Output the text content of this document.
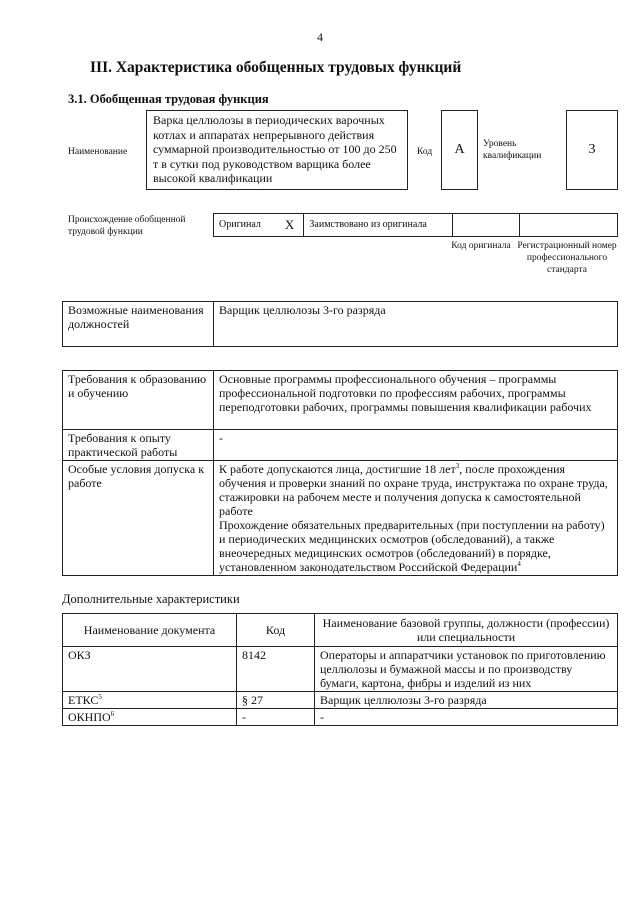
4
III. Характеристика обобщенных трудовых функций
3.1. Обобщенная трудовая функция
Наименование
Варка целлюлозы в периодических варочных котлах и аппаратах непрерывного действия суммарной производительностью от 100 до 250 т в сутки под руководством варщика более высокой квалификации
Код	А	Уровень квалификации	3
Происхождение обобщенной трудовой функции
Оригинал	Х	Заимствовано из оригинала		
Код оригинала Регистрационный номер профессионального стандарта
Возможные наименования должностей	Варщик целлюлозы 3-го разряда
Требования к образованию и обучению	Основные программы профессионального обучения – программы профессиональной подготовки по профессиям рабочих, программы переподготовки рабочих, программы повышения квалификации рабочих
Требования к опыту практической работы	-
Особые условия допуска к работе	К работе допускаются лица, достигшие 18 лет$^3$, после прохождения обучения и проверки знаний по охране труда, инструктажа по охране труда, стажировки на рабочем месте и получения допуска к самостоятельной работе
Прохождение обязательных предварительных (при поступлении на работу) и периодических медицинских осмотров (обследований), а также внеочередных медицинских осмотров (обследований) в порядке, установленном законодательством Российской Федерации$^4$
Дополнительные характеристики
Наименование документа	Код	Наименование базовой группы, должности (профессии) или специальности
ОКЗ	8142	Операторы и аппаратчики установок по приготовлению целлюлозы и бумажной массы и по производству бумаги, картона, фибры и изделий из них
ЕТКС$^5$	§ 27	Варщик целлюлозы 3-го разряда
ОКНПО$^6$	-	-
